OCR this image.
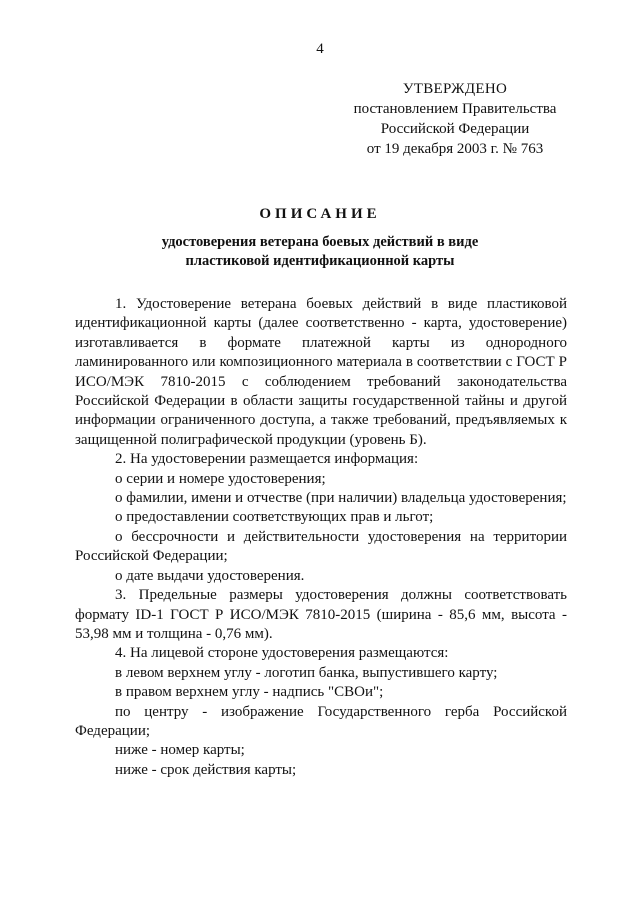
4
УТВЕРЖДЕНО
постановлением Правительства
Российской Федерации
от 19 декабря 2003 г. № 763
ОПИСАНИЕ
удостоверения ветерана боевых действий в виде
пластиковой идентификационной карты

1. Удостоверение ветерана боевых действий в виде пластиковой идентификационной карты (далее соответственно - карта, удостоверение) изготавливается в формате платежной карты из однородного ламинированного или композиционного материала в соответствии с ГОСТ Р ИСО/МЭК 7810-2015 с соблюдением требований законодательства Российской Федерации в области защиты государственной тайны и другой информации ограниченного доступа, а также требований, предъявляемых к защищенной полиграфической продукции (уровень Б).

2. На удостоверении размещается информация:

о серии и номере удостоверения;

о фамилии, имени и отчестве (при наличии) владельца удостоверения;

о предоставлении соответствующих прав и льгот;

о бессрочности и действительности удостоверения на территории Российской Федерации;

о дате выдачи удостоверения.

3. Предельные размеры удостоверения должны соответствовать формату ID-1 ГОСТ Р ИСО/МЭК 7810-2015 (ширина - 85,6 мм, высота - 53,98 мм и толщина - 0,76 мм).

4. На лицевой стороне удостоверения размещаются:

в левом верхнем углу - логотип банка, выпустившего карту;

в правом верхнем углу - надпись "СВОи";

по центру - изображение Государственного герба Российской Федерации;

ниже - номер карты;

ниже - срок действия карты;
